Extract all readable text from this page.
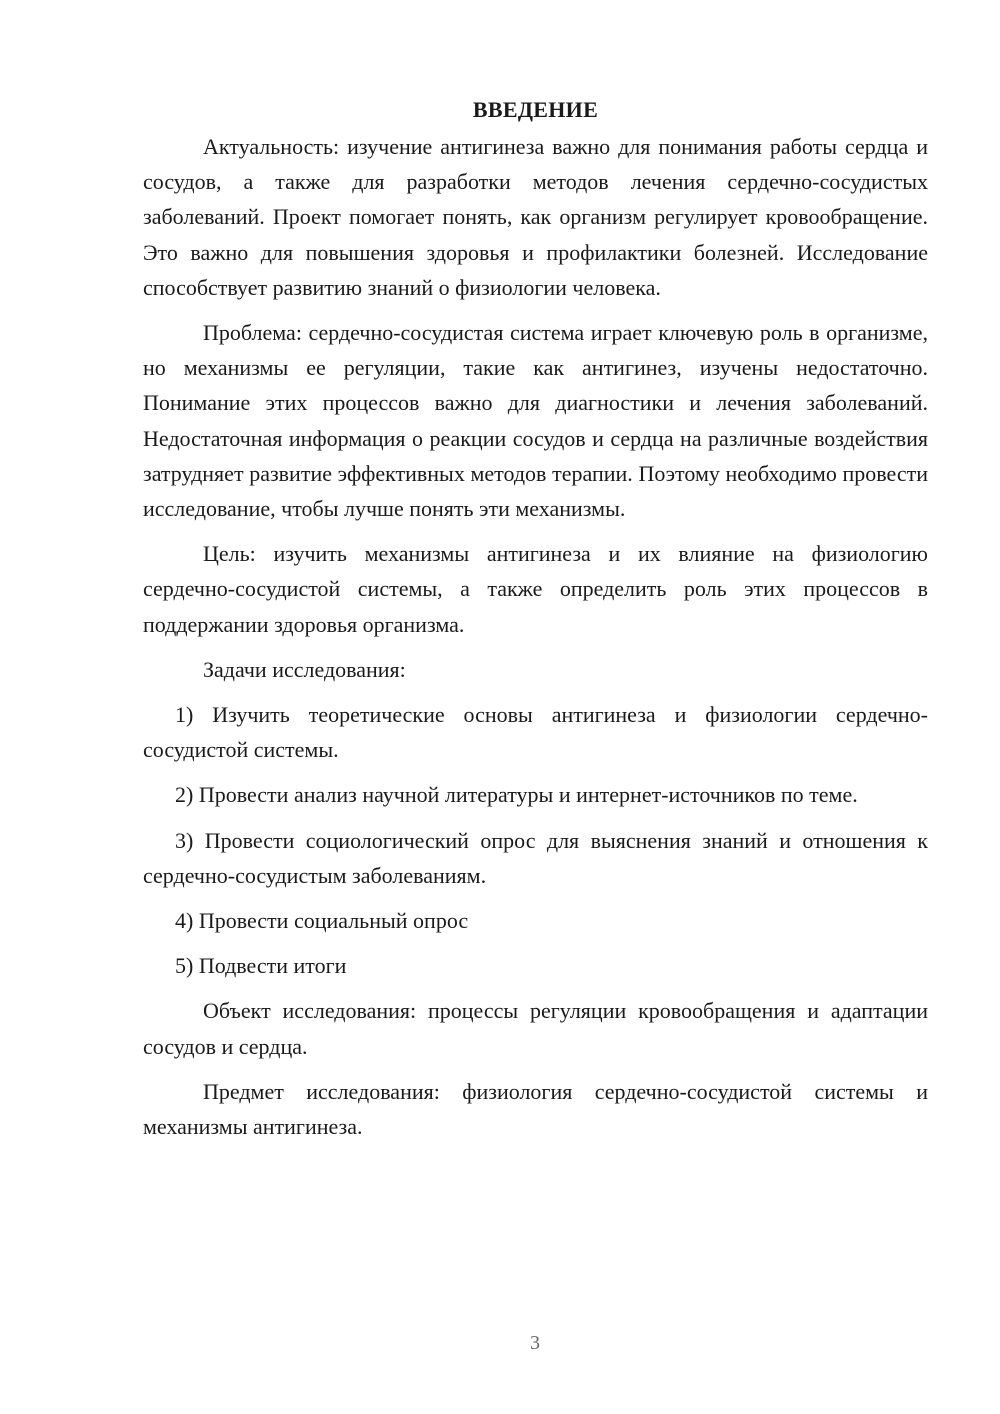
ВВЕДЕНИЕ

Актуальность: изучение антигинеза важно для понимания работы сердца и сосудов, а также для разработки методов лечения сердечно-сосудистых заболеваний. Проект помогает понять, как организм регулирует кровообращение. Это важно для повышения здоровья и профилактики болезней. Исследование способствует развитию знаний о физиологии человека.

Проблема: сердечно-сосудистая система играет ключевую роль в организме, но механизмы ее регуляции, такие как антигинез, изучены недостаточно. Понимание этих процессов важно для диагностики и лечения заболеваний. Недостаточная информация о реакции сосудов и сердца на различные воздействия затрудняет развитие эффективных методов терапии. Поэтому необходимо провести исследование, чтобы лучше понять эти механизмы.

Цель: изучить механизмы антигинеза и их влияние на физиологию сердечно-сосудистой системы, а также определить роль этих процессов в поддержании здоровья организма.

Задачи исследования:

1) Изучить теоретические основы антигинеза и физиологии сердечно-сосудистой системы.

2) Провести анализ научной литературы и интернет-источников по теме.

3) Провести социологический опрос для выяснения знаний и отношения к сердечно-сосудистым заболеваниям.

4) Провести социальный опрос

5) Подвести итоги

Объект исследования: процессы регуляции кровообращения и адаптации сосудов и сердца.

Предмет исследования: физиология сердечно-сосудистой системы и механизмы антигинеза.

3
